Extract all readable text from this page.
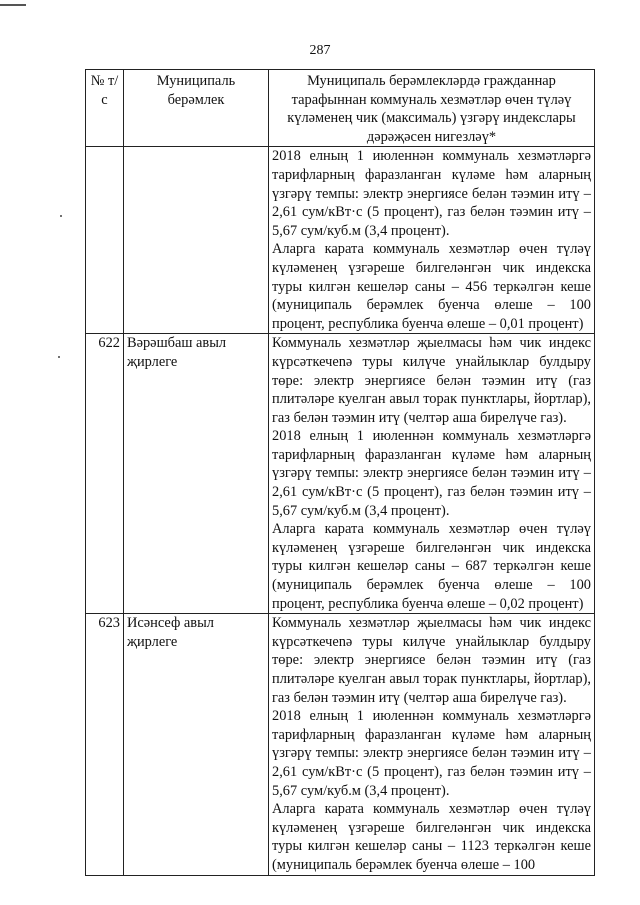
287
№ т/с	Муниципаль берәмлек	Муниципаль берәмлекләрдә гражданнар тарафыннан коммуналь хезмәтләр өчен түләү күләменең чик (максималь) үзгәрү индекслары дәрәҗәсен нигезләү*

		2018 елның 1 июленнән коммуналь хезмәтләргә тарифларның фаразланган күләме һәм аларның үзгәрү темпы: электр энергиясе белән тәэмин итү – 2,61 сум/кВт·с (5 процент), газ белән тәэмин итү – 5,67 сум/куб.м (3,4 процент).
Аларга карата коммуналь хезмәтләр өчен түләү күләменең үзгәреше билгеләнгән чик индекска туры килгән кешеләр саны – 456 теркәлгән кеше (муниципаль берәмлек буенча өлеше – 100 процент, республика буенча өлеше – 0,01 процент)

622	Вәрәшбаш авыл җирлеге	Коммуналь хезмәтләр җыелмасы һәм чик индекс күрсәткечenә туры килүче унайлыклар булдыру төре: электр энергиясе белән тәэмин итү (газ плитәләре куелган авыл торак пунктлары, йортлар), газ белән тәэмин итү (челтәр аша бирелүче газ).
2018 елның 1 июленнән коммуналь хезмәтләргә тарифларның фаразланган күләме һәм аларның үзгәрү темпы: электр энергиясе белән тәэмин итү – 2,61 сум/кВт·с (5 процент), газ белән тәэмин итү – 5,67 сум/куб.м (3,4 процент).
Аларга карата коммуналь хезмәтләр өчен түләү күләменең үзгәреше билгеләнгән чик индекска туры килгән кешеләр саны – 687 теркәлгән кеше (муниципаль берәмлек буенча өлеше – 100 процент, республика буенча өлеше – 0,02 процент)

623	Исәнсеф авыл җирлеге	Коммуналь хезмәтләр җыелмасы һәм чик индекс күрсәткечenә туры килүче унайлыклар булдыру төре: электр энергиясе белән тәэмин итү (газ плитәләре куелган авыл торак пунктлары, йортлар), газ белән тәэмин итү (челтәр аша бирелүче газ).
2018 елның 1 июленнән коммуналь хезмәтләргә тарифларның фаразланган күләме һәм аларның үзгәрү темпы: электр энергиясе белән тәэмин итү – 2,61 сум/кВт·с (5 процент), газ белән тәэмин итү – 5,67 сум/куб.м (3,4 процент).
Аларга карата коммуналь хезмәтләр өчен түләү күләменең үзгәреше билгеләнгән чик индекска туры килгән кешеләр саны – 1123 теркәлгән кеше (муниципаль берәмлек буенча өлеше – 100
